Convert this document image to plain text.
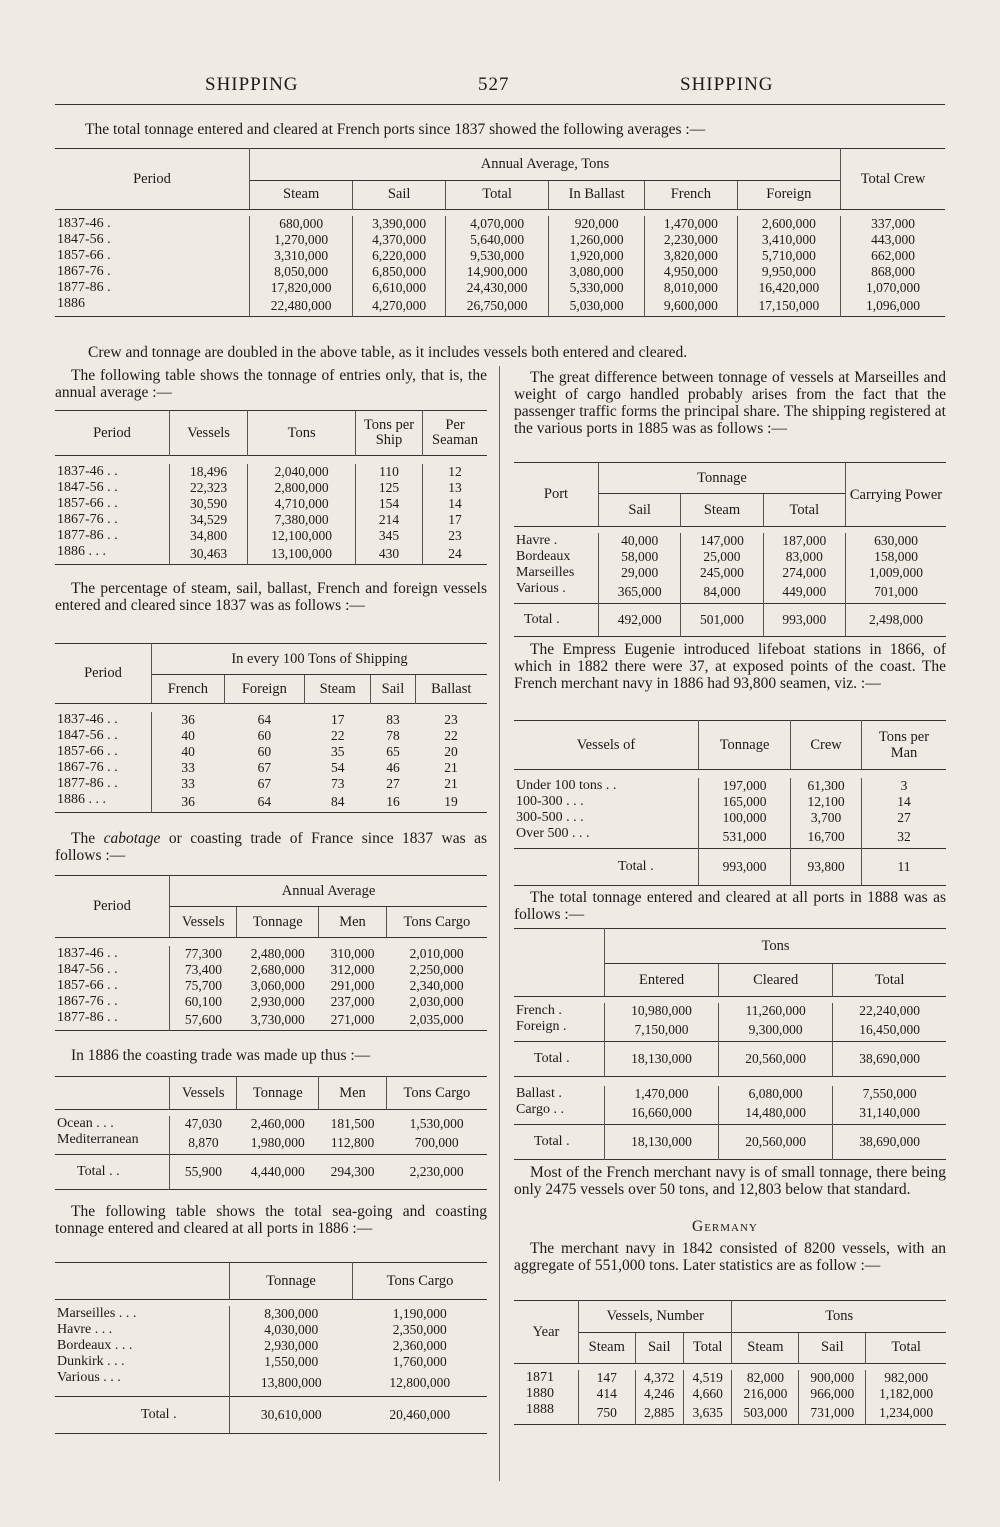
SHIPPING	527	SHIPPING
The total tonnage entered and cleared at French ports since 1837 showed the following averages :—
Period	Annual Average, Tons						Total Crew
	Steam	Sail	Total	In Ballast	French	Foreign	

1837-46 .	680,000	3,390,000	4,070,000	920,000	1,470,000	2,600,000	337,000
1847-56 .	1,270,000	4,370,000	5,640,000	1,260,000	2,230,000	3,410,000	443,000
1857-66 .	3,310,000	6,220,000	9,530,000	1,920,000	3,820,000	5,710,000	662,000
1867-76 .	8,050,000	6,850,000	14,900,000	3,080,000	4,950,000	9,950,000	868,000
1877-86 .	17,820,000	6,610,000	24,430,000	5,330,000	8,010,000	16,420,000	1,070,000
1886	22,480,000	4,270,000	26,750,000	5,030,000	9,600,000	17,150,000	1,096,000
Crew and tonnage are doubled in the above table, as it includes vessels both entered and cleared.
The following table shows the tonnage of entries only, that is, the annual average :—
Period	Vessels	Tons	Tons per Ship	Per Seaman

1837-46 . .	18,496	2,040,000	110	12
1847-56 . .	22,323	2,800,000	125	13
1857-66 . .	30,590	4,710,000	154	14
1867-76 . .	34,529	7,380,000	214	17
1877-86 . .	34,800	12,100,000	345	23
1886 . . .	30,463	13,100,000	430	24
The percentage of steam, sail, ballast, French and foreign vessels entered and cleared since 1837 was as follows :—
Period	In every 100 Tons of Shipping				
	French	Foreign	Steam	Sail	Ballast

1837-46 . .	36	64	17	83	23
1847-56 . .	40	60	22	78	22
1857-66 . .	40	60	35	65	20
1867-76 . .	33	67	54	46	21
1877-86 . .	33	67	73	27	21
1886 . . .	36	64	84	16	19
The cabotage or coasting trade of France since 1837 was as follows :—
Period	Annual Average			
	Vessels	Tonnage	Men	Tons Cargo

1837-46 . .	77,300	2,480,000	310,000	2,010,000
1847-56 . .	73,400	2,680,000	312,000	2,250,000
1857-66 . .	75,700	3,060,000	291,000	2,340,000
1867-76 . .	60,100	2,930,000	237,000	2,030,000
1877-86 . .	57,600	3,730,000	271,000	2,035,000
In 1886 the coasting trade was made up thus :—
	Vessels	Tonnage	Men	Tons Cargo

Ocean . . .	47,030	2,460,000	181,500	1,530,000
Mediterranean	8,870	1,980,000	112,800	700,000
Total . .	55,900	4,440,000	294,300	2,230,000
The following table shows the total sea-going and coasting tonnage entered and cleared at all ports in 1886 :—
	Tonnage	Tons Cargo

Marseilles . . .	8,300,000	1,190,000
Havre . . .	4,030,000	2,350,000
Bordeaux . . .	2,930,000	2,360,000
Dunkirk . . .	1,550,000	1,760,000
Various . . .	13,800,000	12,800,000
Total .	30,610,000	20,460,000
The great difference between tonnage of vessels at Marseilles and weight of cargo handled probably arises from the fact that the passenger traffic forms the principal share. The shipping registered at the various ports in 1885 was as follows :—
Port	Tonnage			Carrying Power
	Sail	Steam	Total	

Havre .	40,000	147,000	187,000	630,000
Bordeaux	58,000	25,000	83,000	158,000
Marseilles	29,000	245,000	274,000	1,009,000
Various .	365,000	84,000	449,000	701,000
Total .	492,000	501,000	993,000	2,498,000
The Empress Eugenie introduced lifeboat stations in 1866, of which in 1882 there were 37, at exposed points of the coast. The French merchant navy in 1886 had 93,800 seamen, viz. :—
Vessels of	Tonnage	Crew	Tons per Man

Under 100 tons . .	197,000	61,300	3
100-300 . . .	165,000	12,100	14
300-500 . . .	100,000	3,700	27
Over 500 . . .	531,000	16,700	32
Total .	993,000	93,800	11
The total tonnage entered and cleared at all ports in 1888 was as follows :—
	Tons		
	Entered	Cleared	Total

French .	10,980,000	11,260,000	22,240,000
Foreign .	7,150,000	9,300,000	16,450,000
Total .	18,130,000	20,560,000	38,690,000

Ballast .	1,470,000	6,080,000	7,550,000
Cargo . .	16,660,000	14,480,000	31,140,000
Total .	18,130,000	20,560,000	38,690,000
Most of the French merchant navy is of small tonnage, there being only 2475 vessels over 50 tons, and 12,803 below that standard.
Germany
The merchant navy in 1842 consisted of 8200 vessels, with an aggregate of 551,000 tons. Later statistics are as follow :—
Year	Vessels, Number			Tons		
	Steam	Sail	Total	Steam	Sail	Total

1871	147	4,372	4,519	82,000	900,000	982,000
1880	414	4,246	4,660	216,000	966,000	1,182,000
1888	750	2,885	3,635	503,000	731,000	1,234,000
